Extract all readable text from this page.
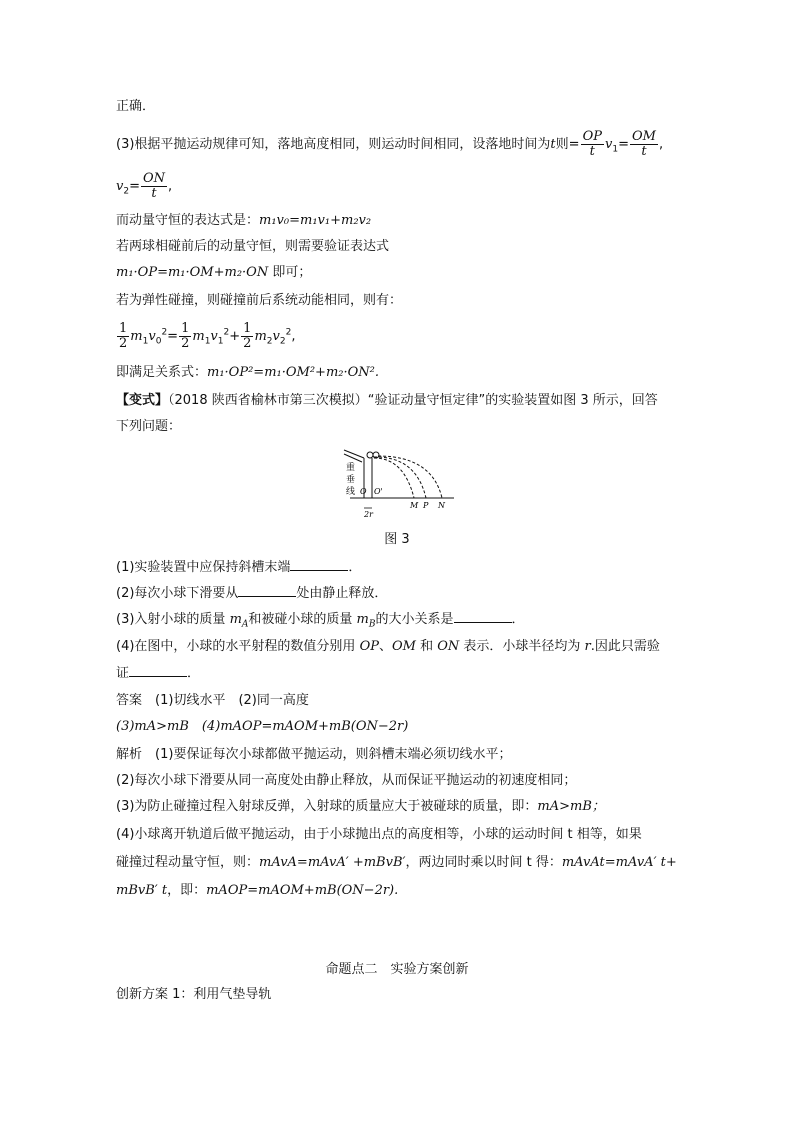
正确．
(3)根据平抛运动规律可知，落地高度相同，则运动时间相同，设落地时间为t则= $\frac{OP}{t} v_1= \frac{OM}{t}$ ,
$v_2= \frac{ON}{t}$ ,
而动量守恒的表达式是：m₁v₀=m₁v₁+m₂v₂
若两球相碰前后的动量守恒，则需要验证表达式
m₁·OP=m₁·OM+m₂·ON 即可；
若为弹性碰撞，则碰撞前后系统动能相同，则有：
$\frac{1}{2} m_1v_0^2= \frac{1}{2} m_1v_1^2+ \frac{1}{2} m_2v_2^2$,
即满足关系式：m₁·OP²=m₁·OM²+m₂·ON².
【变式】（2018 陕西省榆林市第三次模拟）“验证动量守恒定律”的实验装置如图 3 所示，回答
下列问题：
重
垂
线 O O'
M P N
2r
图 3
(1)实验装置中应保持斜槽末端	．
(2)每次小球下滑要从	处由静止释放．
(3)入射小球的质量 $m_A$和被碰小球的质量 $m_B$的大小关系是	．
(4)在图中，小球的水平射程的数值分别用 OP、OM 和 ON 表示．小球半径均为 r.因此只需验
证	．
答案　 (1)切线水平　(2)同一高度
(3)mA>mB　(4)mAOP=mAOM+mB(ON−2r)
解析　 (1)要保证每次小球都做平抛运动，则斜槽末端必须切线水平；
(2)每次小球下滑要从同一高度处由静止释放，从而保证平抛运动的初速度相同；
(3)为防止碰撞过程入射球反弹，入射球的质量应大于被碰球的质量，即：mA>mB；
(4)小球离开轨道后做平抛运动，由于小球抛出点的高度相等，小球的运动时间 t 相等，如果
碰撞过程动量守恒，则：mAvA=mAvA′ +mBvB′，两边同时乘以时间 t 得：mAvAt=mAvA′ t+
mBvB′ t，即：mAOP=mAOM+mB(ON−2r).
命题点二　实验方案创新
创新方案 1：利用气垫导轨
